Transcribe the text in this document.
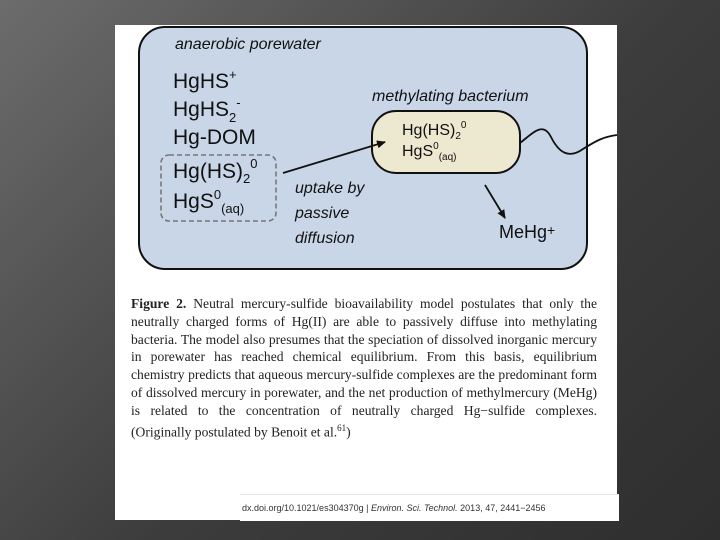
anaerobic porewater
HgHS+
HgHS$_2$-
Hg-DOM
$Hg(HS)_2^0$
HgS$^0_{(aq)}$
methylating bacterium
$Hg(HS)_2^0$
HgS$^0_{(aq)}$
uptake by
passive
diffusion	MeHg+

Figure 2. Neutral mercury-sulfide bioavailability model postulates that only the neutrally charged forms of Hg(II) are able to passively diffuse into methylating bacteria. The model also presumes that the speciation of dissolved inorganic mercury in porewater has reached chemical equilibrium. From this basis, equilibrium chemistry predicts that aqueous mercury-sulfide complexes are the predominant form of dissolved mercury in porewater, and the net production of methylmercury (MeHg) is related to the concentration of neutrally charged Hg−sulfide complexes. (Originally postulated by Benoit et al.$^{61}$)

dx.doi.org/10.1021/es304370g | Environ. Sci. Technol. 2013, 47, 2441−2456
